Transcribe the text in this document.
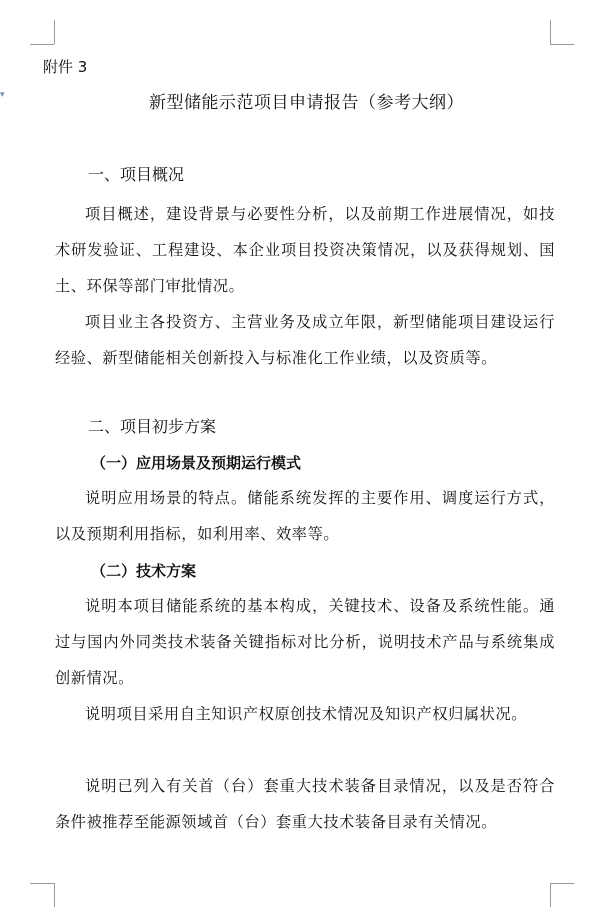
▾
附件 3
新型储能示范项目申请报告（参考大纲）
一、项目概况

项目概述，建设背景与必要性分析，以及前期工作进展情况，如技术研发验证、工程建设、本企业项目投资决策情况，以及获得规划、国土、环保等部门审批情况。

项目业主各投资方、主营业务及成立年限，新型储能项目建设运行经验、新型储能相关创新投入与标准化工作业绩，以及资质等。

二、项目初步方案
（一）应用场景及预期运行模式

说明应用场景的特点。储能系统发挥的主要作用、调度运行方式，以及预期利用指标，如利用率、效率等。

（二）技术方案

说明本项目储能系统的基本构成，关键技术、设备及系统性能。通过与国内外同类技术装备关键指标对比分析，说明技术产品与系统集成创新情况。

说明项目采用自主知识产权原创技术情况及知识产权归属状况。

说明已列入有关首（台）套重大技术装备目录情况，以及是否符合条件被推荐至能源领域首（台）套重大技术装备目录有关情况。
